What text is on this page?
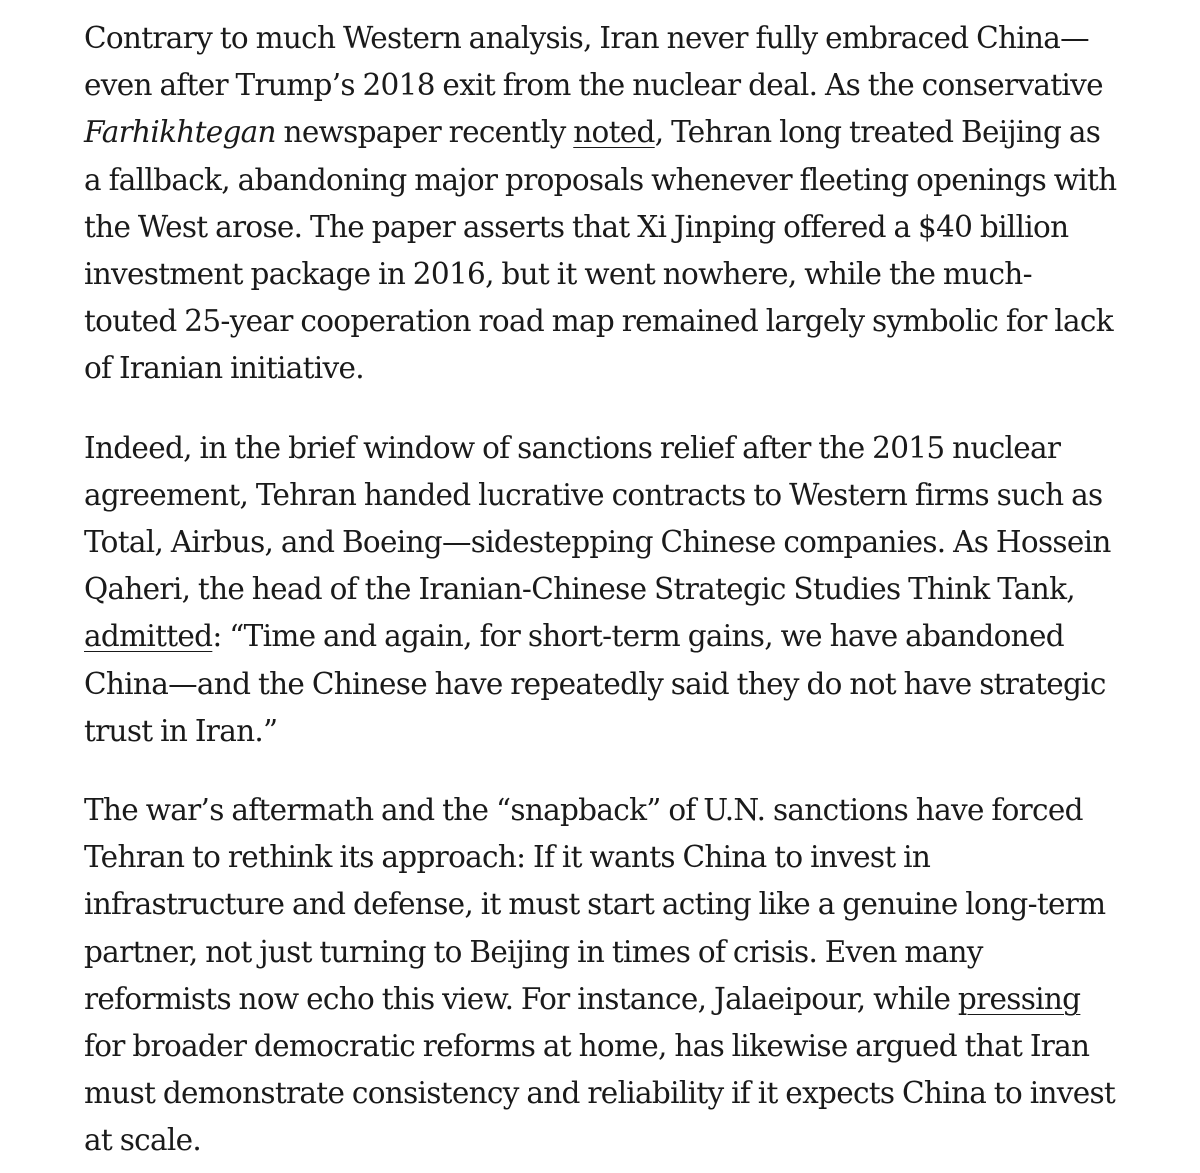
Contrary to much Western analysis, Iran never fully embraced China—even after Trump’s 2018 exit from the nuclear deal. As the conservative Farhikhtegan newspaper recently noted, Tehran long treated Beijing as a fallback, abandoning major proposals whenever fleeting openings with the West arose. The paper asserts that Xi Jinping offered a $40 billion investment package in 2016, but it went nowhere, while the much-touted 25-year cooperation road map remained largely symbolic for lack of Iranian initiative.

Indeed, in the brief window of sanctions relief after the 2015 nuclear agreement, Tehran handed lucrative contracts to Western firms such as Total, Airbus, and Boeing—sidestepping Chinese companies. As Hossein Qaheri, the head of the Iranian-Chinese Strategic Studies Think Tank, admitted: “Time and again, for short-term gains, we have abandoned China—and the Chinese have repeatedly said they do not have strategic trust in Iran.”

The war’s aftermath and the “snapback” of U.N. sanctions have forced Tehran to rethink its approach: If it wants China to invest in infrastructure and defense, it must start acting like a genuine long-term partner, not just turning to Beijing in times of crisis. Even many reformists now echo this view. For instance, Jalaeipour, while pressing for broader democratic reforms at home, has likewise argued that Iran must demonstrate consistency and reliability if it expects China to invest at scale.
